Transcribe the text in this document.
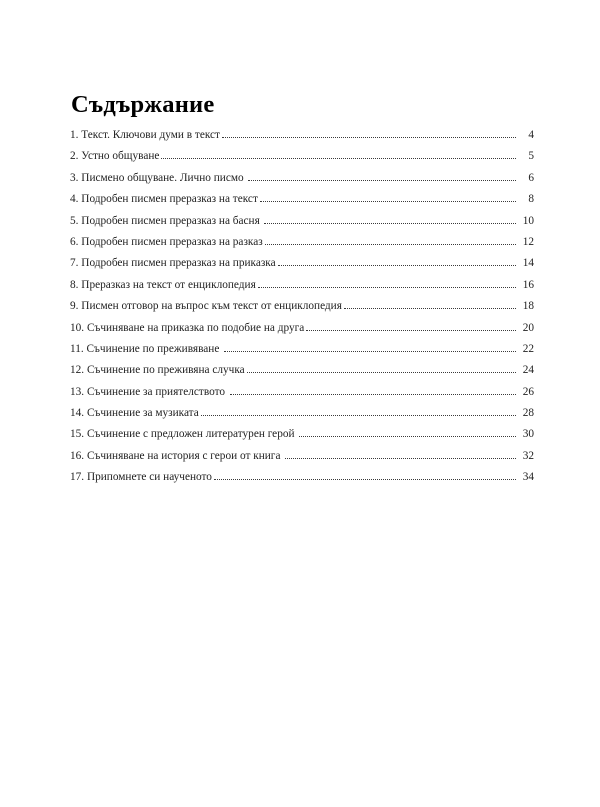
Съдържание
1. Текст. Ключови думи в текст	4
2. Устно общуване	5
3. Писмено общуване. Лично писмо	6
4. Подробен писмен преразказ на текст	8
5. Подробен писмен преразказ на басня	10
6. Подробен писмен преразказ на разказ	12
7. Подробен писмен преразказ на приказка	14
8. Преразказ на текст от енциклопедия	16
9. Писмен отговор на въпрос към текст от енциклопедия	18
10. Съчиняване на приказка по подобие на друга	20
11. Съчинение по преживяване	22
12. Съчинение по преживяна случка	24
13. Съчинение за приятелството	26
14. Съчинение за музиката	28
15. Съчинение с предложен литературен герой	30
16. Съчиняване на история с герои от книга	32
17. Припомнете си наученото	34
